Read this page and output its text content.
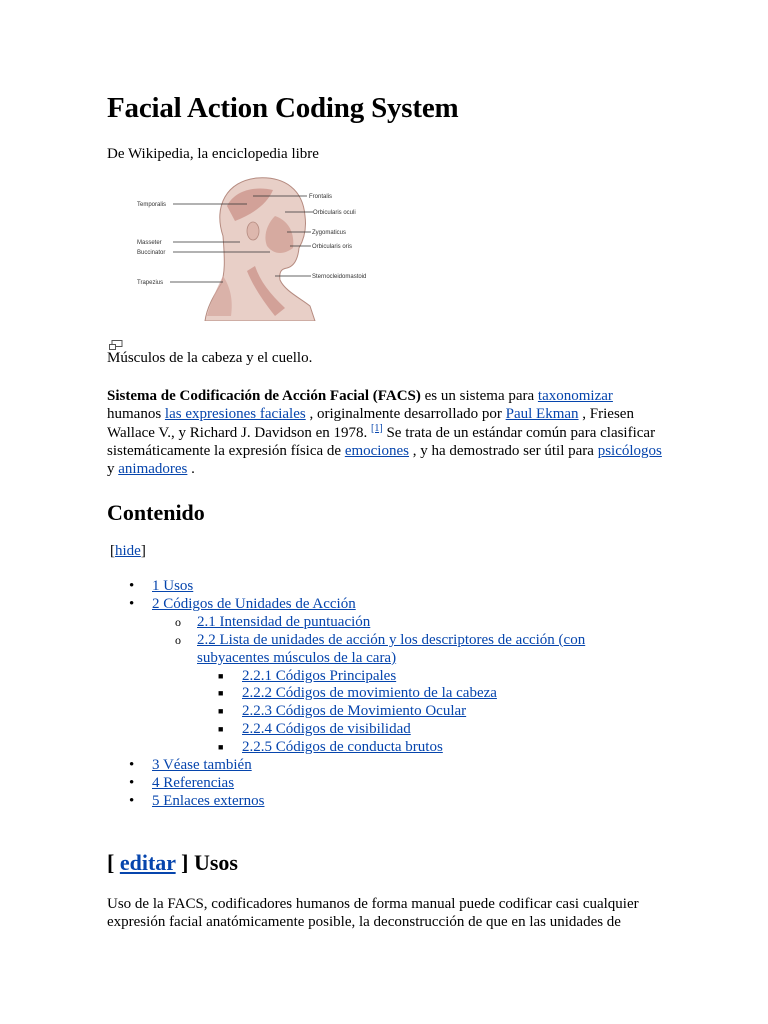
Facial Action Coding System
De Wikipedia, la enciclopedia libre
Temporalis
Masseter
Buccinator
Trapezius
Frontalis
Orbicularis oculi
Zygomaticus
Orbicularis oris
Sternocleidomastoid
Músculos de la cabeza y el cuello.
Sistema de Codificación de Acción Facial (FACS) es un sistema para taxonomizar humanos las expresiones faciales , originalmente desarrollado por Paul Ekman , Friesen Wallace V., y Richard J. Davidson en 1978. [1] Se trata de un estándar común para clasificar sistemáticamente la expresión física de emociones , y ha demostrado ser útil para psicólogos y animadores .
Contenido
[hide]
• 1 Usos
• 2 Códigos de Unidades de Acción
o 2.1 Intensidad de puntuación
o 2.2 Lista de unidades de acción y los descriptores de acción (con subyacentes músculos de la cara)
■ 2.2.1 Códigos Principales
■ 2.2.2 Códigos de movimiento de la cabeza
■ 2.2.3 Códigos de Movimiento Ocular
■ 2.2.4 Códigos de visibilidad
■ 2.2.5 Códigos de conducta brutos
• 3 Véase también
• 4 Referencias
• 5 Enlaces externos
[ editar ] Usos
Uso de la FACS, codificadores humanos de forma manual puede codificar casi cualquier expresión facial anatómicamente posible, la deconstrucción de que en las unidades de
